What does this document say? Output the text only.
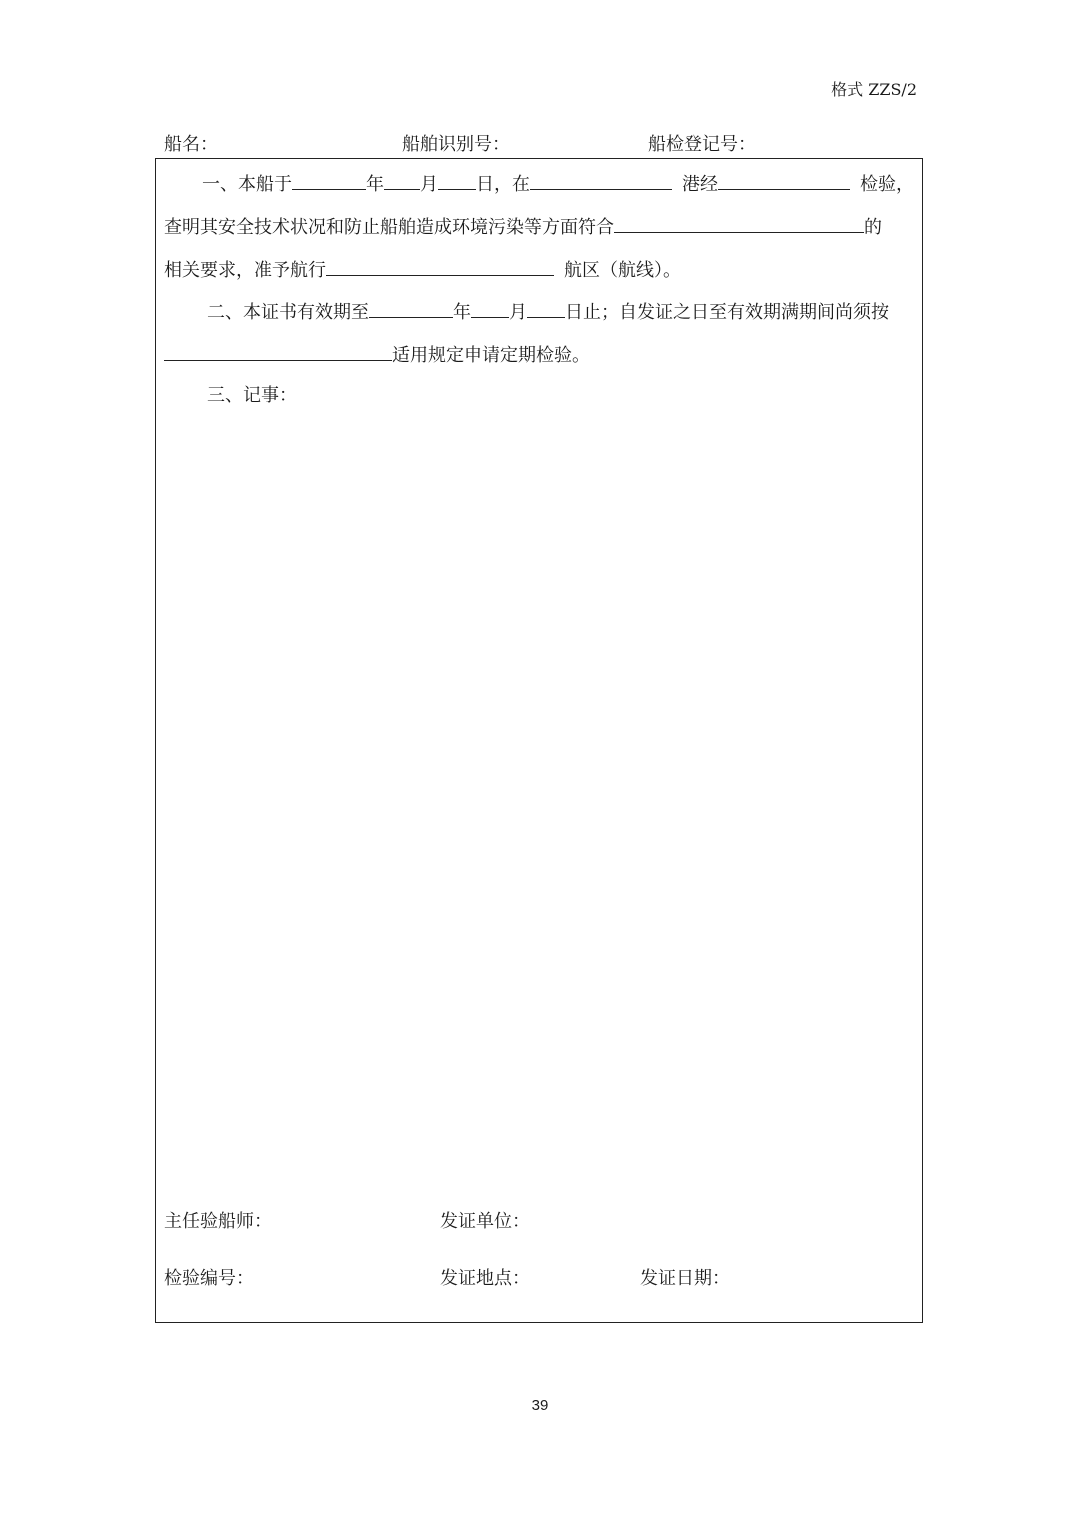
格式 ZZS/2
船名：	船舶识别号：	船检登记号：
一、本船于	年 月 日，在	港经	检验，
查明其安全技术状况和防止船舶造成环境污染等方面符合	的
相关要求，准予航行	航区（航线）。
二、本证书有效期至	年 月 日止；自发证之日至有效期满期间尚须按
适用规定申请定期检验。
三、记事：
主任验船师：	发证单位：
检验编号：	发证地点：	发证日期：
39
